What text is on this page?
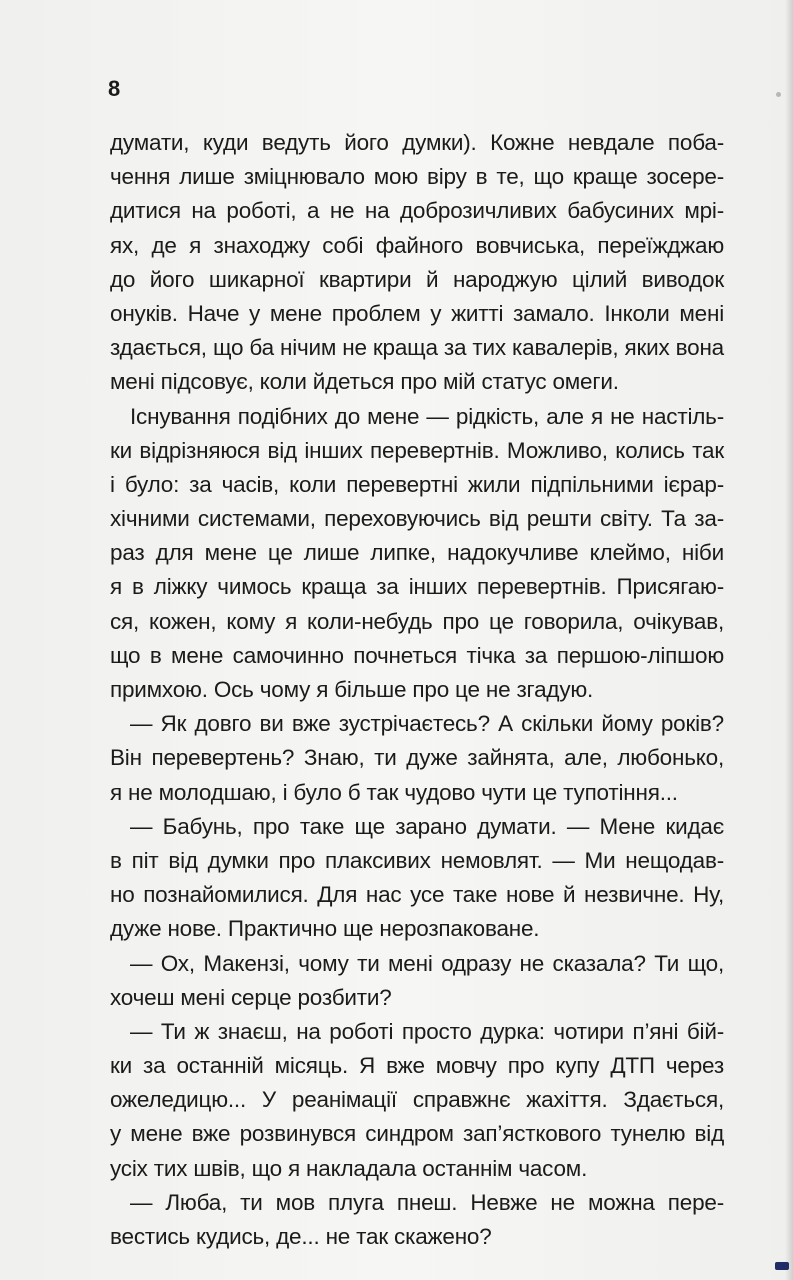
8
думати, куди ведуть його думки). Кожне невдале поба-
чення лише зміцнювало мою віру в те, що краще зосере-
дитися на роботі, а не на доброзичливих бабусиних мрі-
ях, де я знаходжу собі файного вовчиська, переїжджаю
до його шикарної квартири й народжую цілий виводок
онуків. Наче у мене проблем у житті замало. Інколи мені
здається, що ба нічим не краща за тих кавалерів, яких вона
мені підсовує, коли йдеться про мій статус омеги.
Існування подібних до мене — рідкість, але я не настіль-
ки відрізняюся від інших перевертнів. Можливо, колись так
і було: за часів, коли перевертні жили підпільними ієрар-
хічними системами, переховуючись від решти світу. Та за-
раз для мене це лише липке, надокучливе клеймо, ніби
я в ліжку чимось краща за інших перевертнів. Присягаю-
ся, кожен, кому я коли-небудь про це говорила, очікував,
що в мене самочинно почнеться тічка за першою-ліпшою
примхою. Ось чому я більше про це не згадую.
— Як довго ви вже зустрічаєтесь? А скільки йому років?
Він перевертень? Знаю, ти дуже зайнята, але, любонько,
я не молодшаю, і було б так чудово чути це тупотіння...
— Бабунь, про таке ще зарано думати. — Мене кидає
в піт від думки про плаксивих немовлят. — Ми нещодав-
но познайомилися. Для нас усе таке нове й незвичне. Ну,
дуже нове. Практично ще нерозпаковане.
— Ох, Макензі, чому ти мені одразу не сказала? Ти що,
хочеш мені серце розбити?
— Ти ж знаєш, на роботі просто дурка: чотири п’яні бій-
ки за останній місяць. Я вже мовчу про купу ДТП через
ожеледицю... У реанімації справжнє жахіття. Здається,
у мене вже розвинувся синдром зап’ясткового тунелю від
усіх тих швів, що я накладала останнім часом.
— Люба, ти мов плуга пнеш. Невже не можна пере-
вестись кудись, де... не так скажено?
